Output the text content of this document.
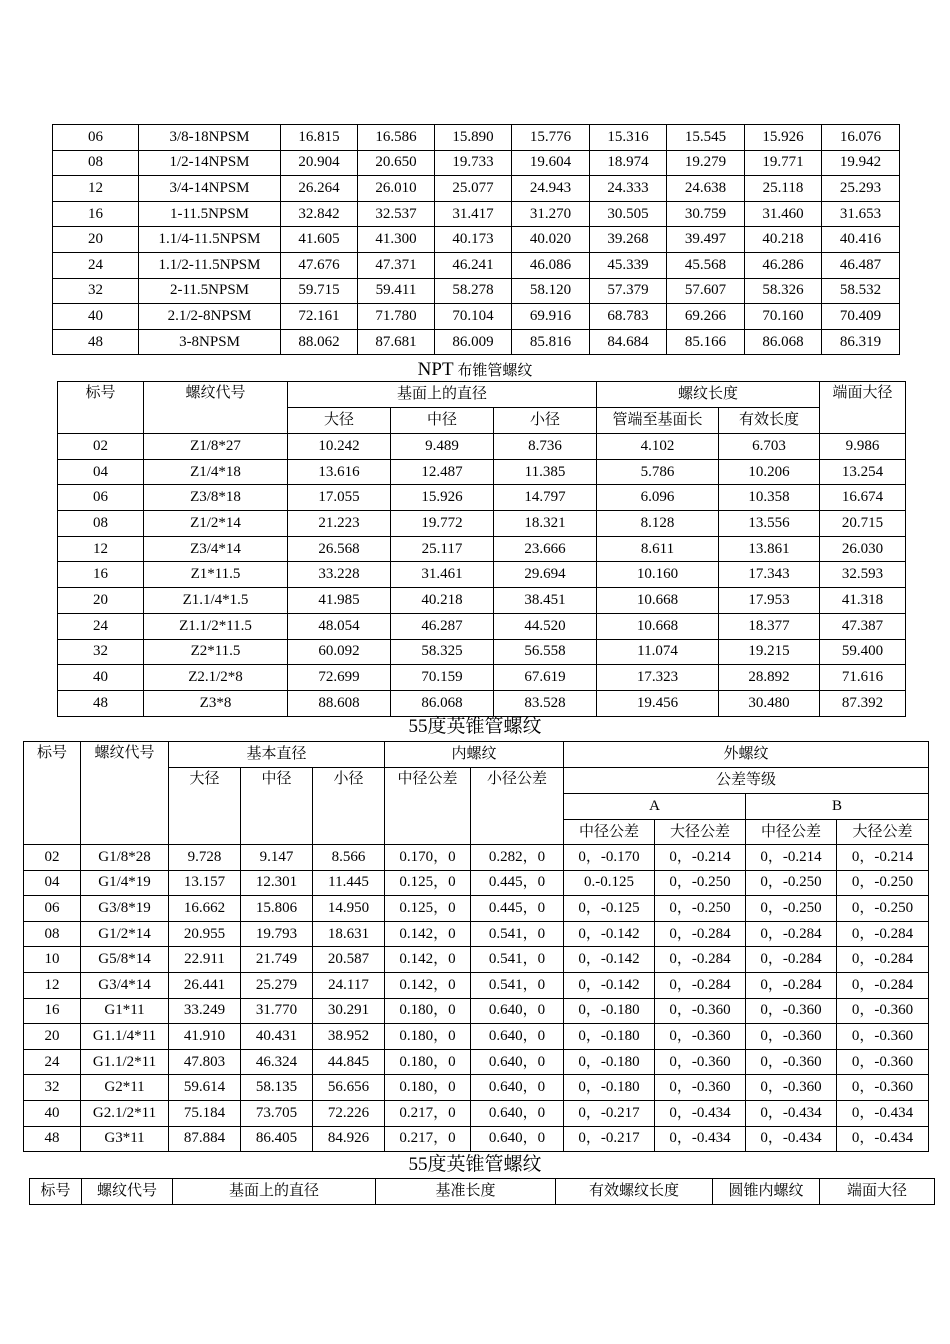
06	3/8-18NPSM	16.815	16.586	15.890	15.776	15.316	15.545	15.926	16.076
08	1/2-14NPSM	20.904	20.650	19.733	19.604	18.974	19.279	19.771	19.942
12	3/4-14NPSM	26.264	26.010	25.077	24.943	24.333	24.638	25.118	25.293
16	1-11.5NPSM	32.842	32.537	31.417	31.270	30.505	30.759	31.460	31.653
20	1.1/4-11.5NPSM	41.605	41.300	40.173	40.020	39.268	39.497	40.218	40.416
24	1.1/2-11.5NPSM	47.676	47.371	46.241	46.086	45.339	45.568	46.286	46.487
32	2-11.5NPSM	59.715	59.411	58.278	58.120	57.379	57.607	58.326	58.532
40	2.1/2-8NPSM	72.161	71.780	70.104	69.916	68.783	69.266	70.160	70.409
48	3-8NPSM	88.062	87.681	86.009	85.816	84.684	85.166	86.068	86.319
NPT 布锥管螺纹
标号	螺纹代号	基面上的直径			螺纹长度		端面大径
		大径	中径	小径	管端至基面长	有效长度	
02	Z1/8*27	10.242	9.489	8.736	4.102	6.703	9.986
04	Z1/4*18	13.616	12.487	11.385	5.786	10.206	13.254
06	Z3/8*18	17.055	15.926	14.797	6.096	10.358	16.674
08	Z1/2*14	21.223	19.772	18.321	8.128	13.556	20.715
12	Z3/4*14	26.568	25.117	23.666	8.611	13.861	26.030
16	Z1*11.5	33.228	31.461	29.694	10.160	17.343	32.593
20	Z1.1/4*1.5	41.985	40.218	38.451	10.668	17.953	41.318
24	Z1.1/2*11.5	48.054	46.287	44.520	10.668	18.377	47.387
32	Z2*11.5	60.092	58.325	56.558	11.074	19.215	59.400
40	Z2.1/2*8	72.699	70.159	67.619	17.323	28.892	71.616
48	Z3*8	88.608	86.068	83.528	19.456	30.480	87.392
55度英锥管螺纹
标号	螺纹代号	基本直径			内螺纹		外螺纹			
		大径	中径	小径	中径公差	小径公差	公差等级			
							A		B	
							中径公差	大径公差	中径公差	大径公差
02	G1/8*28	9.728	9.147	8.566	0.170，0	0.282，0	0，-0.170	0，-0.214	0，-0.214	0，-0.214
04	G1/4*19	13.157	12.301	11.445	0.125，0	0.445，0	0.-0.125	0，-0.250	0，-0.250	0，-0.250
06	G3/8*19	16.662	15.806	14.950	0.125，0	0.445，0	0，-0.125	0，-0.250	0，-0.250	0，-0.250
08	G1/2*14	20.955	19.793	18.631	0.142，0	0.541，0	0，-0.142	0，-0.284	0，-0.284	0，-0.284
10	G5/8*14	22.911	21.749	20.587	0.142，0	0.541，0	0，-0.142	0，-0.284	0，-0.284	0，-0.284
12	G3/4*14	26.441	25.279	24.117	0.142，0	0.541，0	0，-0.142	0，-0.284	0，-0.284	0，-0.284
16	G1*11	33.249	31.770	30.291	0.180，0	0.640，0	0，-0.180	0，-0.360	0，-0.360	0，-0.360
20	G1.1/4*11	41.910	40.431	38.952	0.180，0	0.640，0	0，-0.180	0，-0.360	0，-0.360	0，-0.360
24	G1.1/2*11	47.803	46.324	44.845	0.180，0	0.640，0	0，-0.180	0，-0.360	0，-0.360	0，-0.360
32	G2*11	59.614	58.135	56.656	0.180，0	0.640，0	0，-0.180	0，-0.360	0，-0.360	0，-0.360
40	G2.1/2*11	75.184	73.705	72.226	0.217，0	0.640，0	0，-0.217	0，-0.434	0，-0.434	0，-0.434
48	G3*11	87.884	86.405	84.926	0.217，0	0.640，0	0，-0.217	0，-0.434	0，-0.434	0，-0.434
55度英锥管螺纹
标号	螺纹代号	基面上的直径	基准长度	有效螺纹长度	圆锥内螺纹	端面大径
